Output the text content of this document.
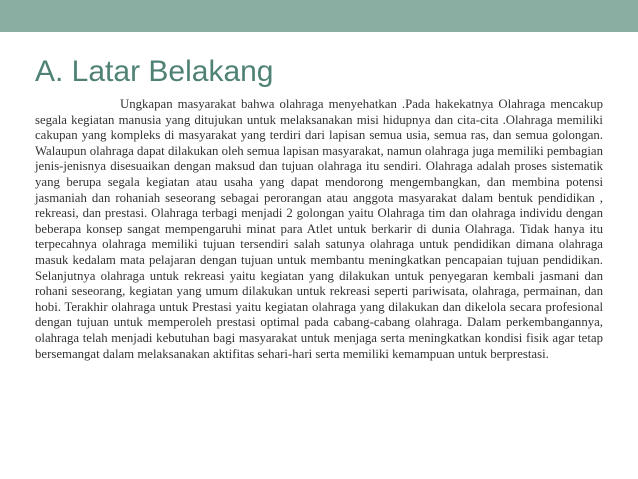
A. Latar Belakang

Ungkapan masyarakat bahwa olahraga menyehatkan .Pada hakekatnya Olahraga mencakup segala kegiatan manusia yang ditujukan untuk melaksanakan misi hidupnya dan cita-cita .Olahraga memiliki cakupan yang kompleks di masyarakat yang terdiri dari lapisan semua usia, semua ras, dan semua golongan. Walaupun olahraga dapat dilakukan oleh semua lapisan masyarakat, namun olahraga juga memiliki pembagian jenis-jenisnya disesuaikan dengan maksud dan tujuan olahraga itu sendiri. Olahraga adalah proses sistematik yang berupa segala kegiatan atau usaha yang dapat mendorong mengembangkan, dan membina potensi jasmaniah dan rohaniah seseorang sebagai perorangan atau anggota masyarakat dalam bentuk pendidikan , rekreasi, dan prestasi. Olahraga terbagi menjadi 2 golongan yaitu Olahraga tim dan olahraga individu dengan beberapa konsep sangat mempengaruhi minat para Atlet untuk berkarir di dunia Olahraga. Tidak hanya itu terpecahnya olahraga memiliki tujuan tersendiri salah satunya olahraga untuk pendidikan dimana olahraga masuk kedalam mata pelajaran dengan tujuan untuk membantu meningkatkan pencapaian tujuan pendidikan. Selanjutnya olahraga untuk rekreasi yaitu kegiatan yang dilakukan untuk penyegaran kembali jasmani dan rohani seseorang, kegiatan yang umum dilakukan untuk rekreasi seperti pariwisata, olahraga, permainan, dan hobi. Terakhir olahraga untuk Prestasi yaitu kegiatan olahraga yang dilakukan dan dikelola secara profesional dengan tujuan untuk memperoleh prestasi optimal pada cabang-cabang olahraga. Dalam perkembangannya, olahraga telah menjadi kebutuhan bagi masyarakat untuk menjaga serta meningkatkan kondisi fisik agar tetap bersemangat dalam melaksanakan aktifitas sehari-hari serta memiliki kemampuan untuk berprestasi.
